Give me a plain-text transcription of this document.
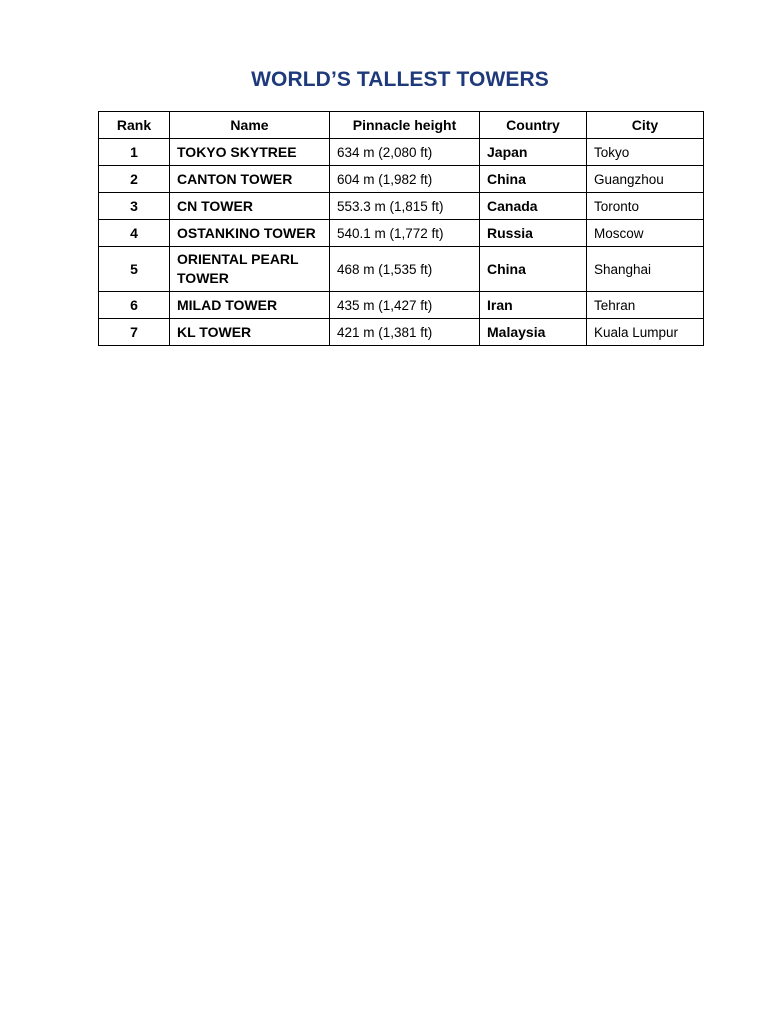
WORLD’S TALLEST TOWERS
Rank	Name	Pinnacle height	Country	City
1	TOKYO SKYTREE	634 m (2,080 ft)	Japan	Tokyo
2	CANTON TOWER	604 m (1,982 ft)	China	Guangzhou
3	CN TOWER	553.3 m (1,815 ft)	Canada	Toronto
4	OSTANKINO TOWER	540.1 m (1,772 ft)	Russia	Moscow
5	ORIENTAL PEARL TOWER	468 m (1,535 ft)	China	Shanghai
6	MILAD TOWER	435 m (1,427 ft)	Iran	Tehran
7	KL TOWER	421 m (1,381 ft)	Malaysia	Kuala Lumpur
